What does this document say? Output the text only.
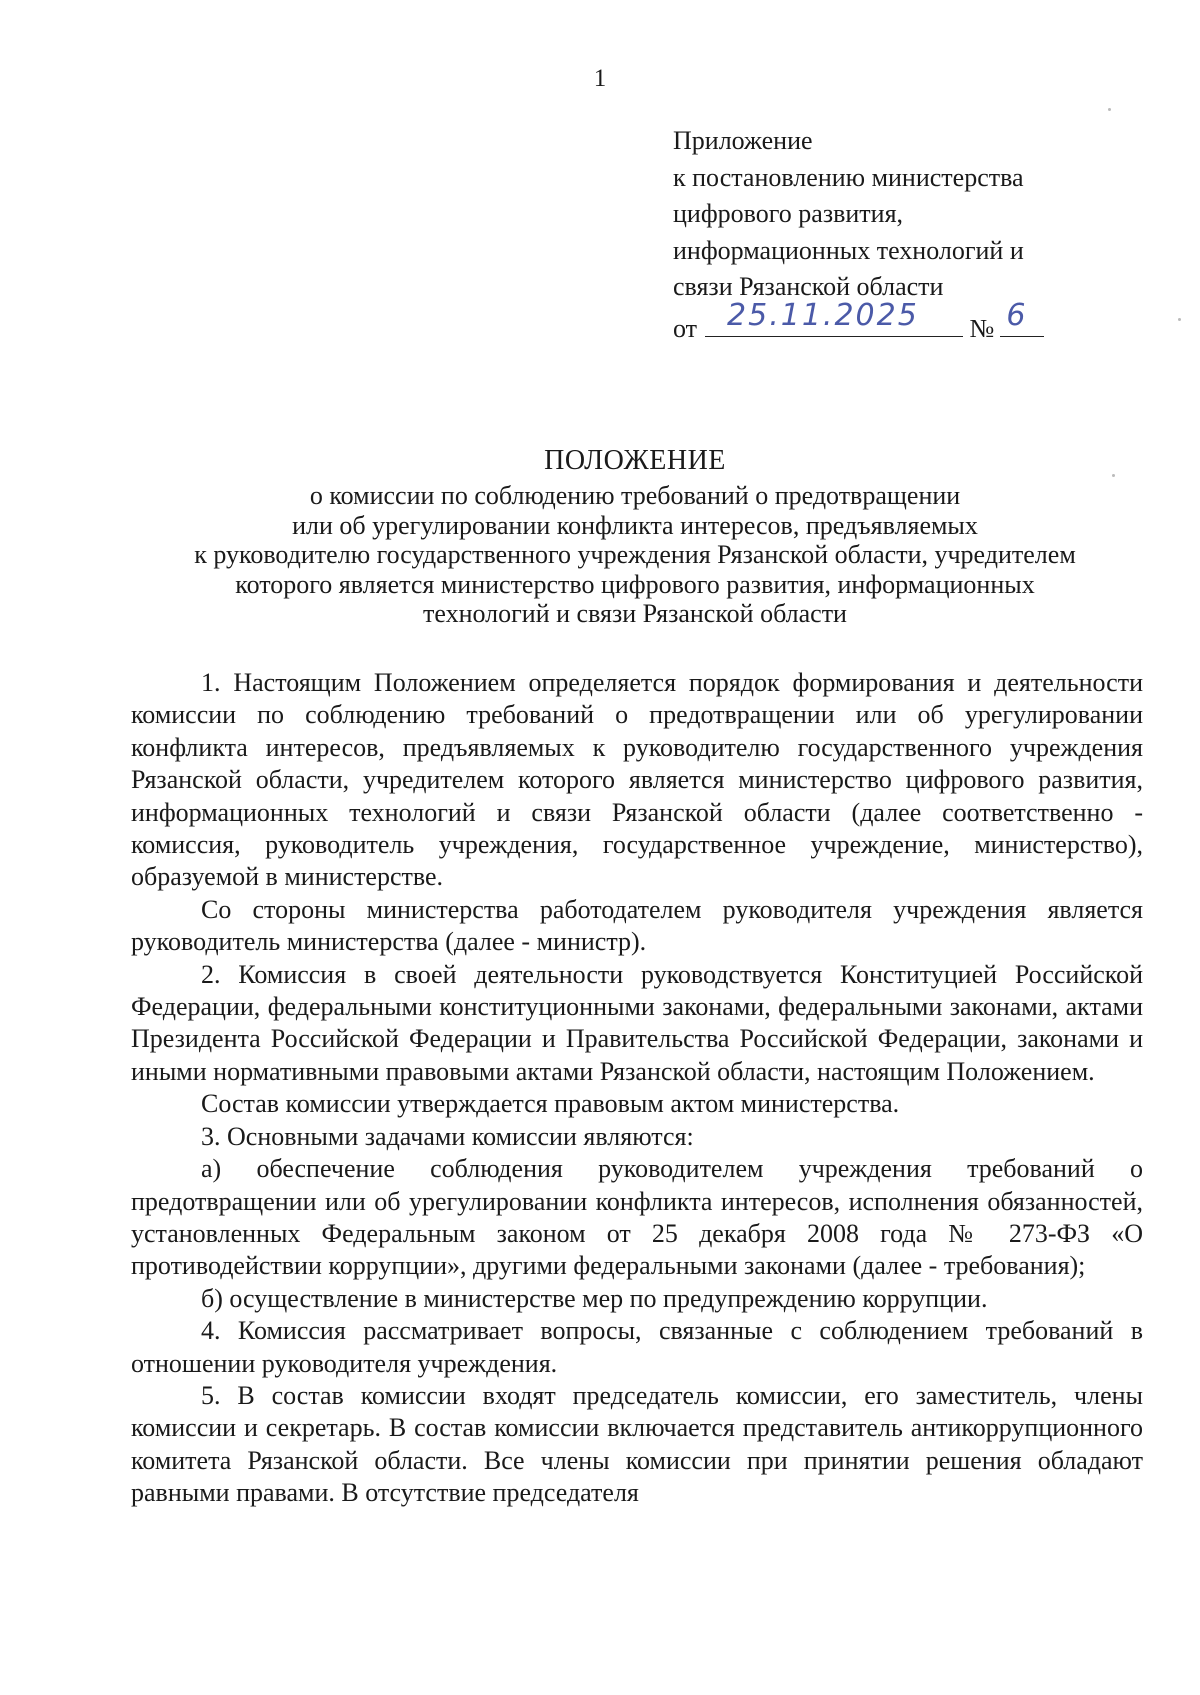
1
Приложение
к постановлению министерства
цифрового развития,
информационных технологий и
связи Рязанской области
от 25.11.2025 № 6
ПОЛОЖЕНИЕ
о комиссии по соблюдению требований о предотвращении
или об урегулировании конфликта интересов, предъявляемых
к руководителю государственного учреждения Рязанской области, учредителем
которого является министерство цифрового развития, информационных
технологий и связи Рязанской области

1. Настоящим Положением определяется порядок формирования и деятельности комиссии по соблюдению требований о предотвращении или об урегулировании конфликта интересов, предъявляемых к руководителю государственного учреждения Рязанской области, учредителем которого является министерство цифрового развития, информационных технологий и связи Рязанской области (далее соответственно - комиссия, руководитель учреждения, государственное учреждение, министерство), образуемой в министерстве.

Со стороны министерства работодателем руководителя учреждения является руководитель министерства (далее - министр).

2. Комиссия в своей деятельности руководствуется Конституцией Российской Федерации, федеральными конституционными законами, федеральными законами, актами Президента Российской Федерации и Правительства Российской Федерации, законами и иными нормативными правовыми актами Рязанской области, настоящим Положением.

Состав комиссии утверждается правовым актом министерства.

3. Основными задачами комиссии являются:

а) обеспечение соблюдения руководителем учреждения требований о предотвращении или об урегулировании конфликта интересов, исполнения обязанностей, установленных Федеральным законом от 25 декабря 2008 года № 273-ФЗ «О противодействии коррупции», другими федеральными законами (далее - требования);

б) осуществление в министерстве мер по предупреждению коррупции.

4. Комиссия рассматривает вопросы, связанные с соблюдением требований в отношении руководителя учреждения.

5. В состав комиссии входят председатель комиссии, его заместитель, члены комиссии и секретарь. В состав комиссии включается представитель антикоррупционного комитета Рязанской области. Все члены комиссии при принятии решения обладают равными правами. В отсутствие председателя
